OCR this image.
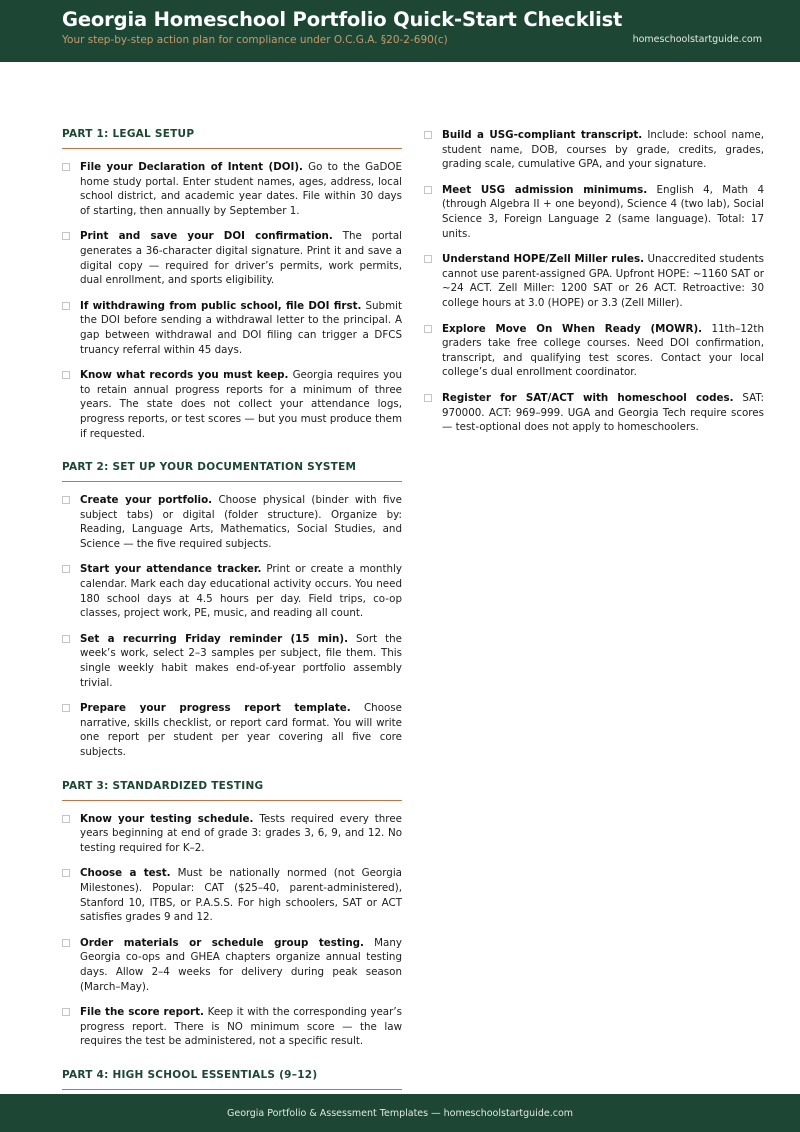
Georgia Homeschool Portfolio Quick-Start Checklist
Your step-by-step action plan for compliance under O.C.G.A. §20-2-690(c)	homeschoolstartguide.com
PART 1: LEGAL SETUP
File your Declaration of Intent (DOI). Go to the GaDOE home study portal. Enter student names, ages, address, local school district, and academic year dates. File within 30 days of starting, then annually by September 1.
Print and save your DOI confirmation. The portal generates a 36-character digital signature. Print it and save a digital copy — required for driver’s permits, work permits, dual enrollment, and sports eligibility.
If withdrawing from public school, file DOI first. Submit the DOI before sending a withdrawal letter to the principal. A gap between withdrawal and DOI filing can trigger a DFCS truancy referral within 45 days.
Know what records you must keep. Georgia requires you to retain annual progress reports for a minimum of three years. The state does not collect your attendance logs, progress reports, or test scores — but you must produce them if requested.
PART 2: SET UP YOUR DOCUMENTATION SYSTEM
Create your portfolio. Choose physical (binder with five subject tabs) or digital (folder structure). Organize by: Reading, Language Arts, Mathematics, Social Studies, and Science — the five required subjects.
Start your attendance tracker. Print or create a monthly calendar. Mark each day educational activity occurs. You need 180 school days at 4.5 hours per day. Field trips, co-op classes, project work, PE, music, and reading all count.
Set a recurring Friday reminder (15 min). Sort the week’s work, select 2–3 samples per subject, file them. This single weekly habit makes end-of-year portfolio assembly trivial.
Prepare your progress report template. Choose narrative, skills checklist, or report card format. You will write one report per student per year covering all five core subjects.
PART 3: STANDARDIZED TESTING
Know your testing schedule. Tests required every three years beginning at end of grade 3: grades 3, 6, 9, and 12. No testing required for K–2.
Choose a test. Must be nationally normed (not Georgia Milestones). Popular: CAT ($25–40, parent-administered), Stanford 10, ITBS, or P.A.S.S. For high schoolers, SAT or ACT satisfies grades 9 and 12.
Order materials or schedule group testing. Many Georgia co-ops and GHEA chapters organize annual testing days. Allow 2–4 weeks for delivery during peak season (March–May).
File the score report. Keep it with the corresponding year’s progress report. There is NO minimum score — the law requires the test be administered, not a specific result.
PART 4: HIGH SCHOOL ESSENTIALS (9–12)
Build a USG-compliant transcript. Include: school name, student name, DOB, courses by grade, credits, grades, grading scale, cumulative GPA, and your signature.
Meet USG admission minimums. English 4, Math 4 (through Algebra II + one beyond), Science 4 (two lab), Social Science 3, Foreign Language 2 (same language). Total: 17 units.
Understand HOPE/Zell Miller rules. Unaccredited students cannot use parent-assigned GPA. Upfront HOPE: ~1160 SAT or ~24 ACT. Zell Miller: 1200 SAT or 26 ACT. Retroactive: 30 college hours at 3.0 (HOPE) or 3.3 (Zell Miller).
Explore Move On When Ready (MOWR). 11th–12th graders take free college courses. Need DOI confirmation, transcript, and qualifying test scores. Contact your local college’s dual enrollment coordinator.
Register for SAT/ACT with homeschool codes. SAT: 970000. ACT: 969–999. UGA and Georgia Tech require scores — test-optional does not apply to homeschoolers.
Georgia Portfolio & Assessment Templates — homeschoolstartguide.com
